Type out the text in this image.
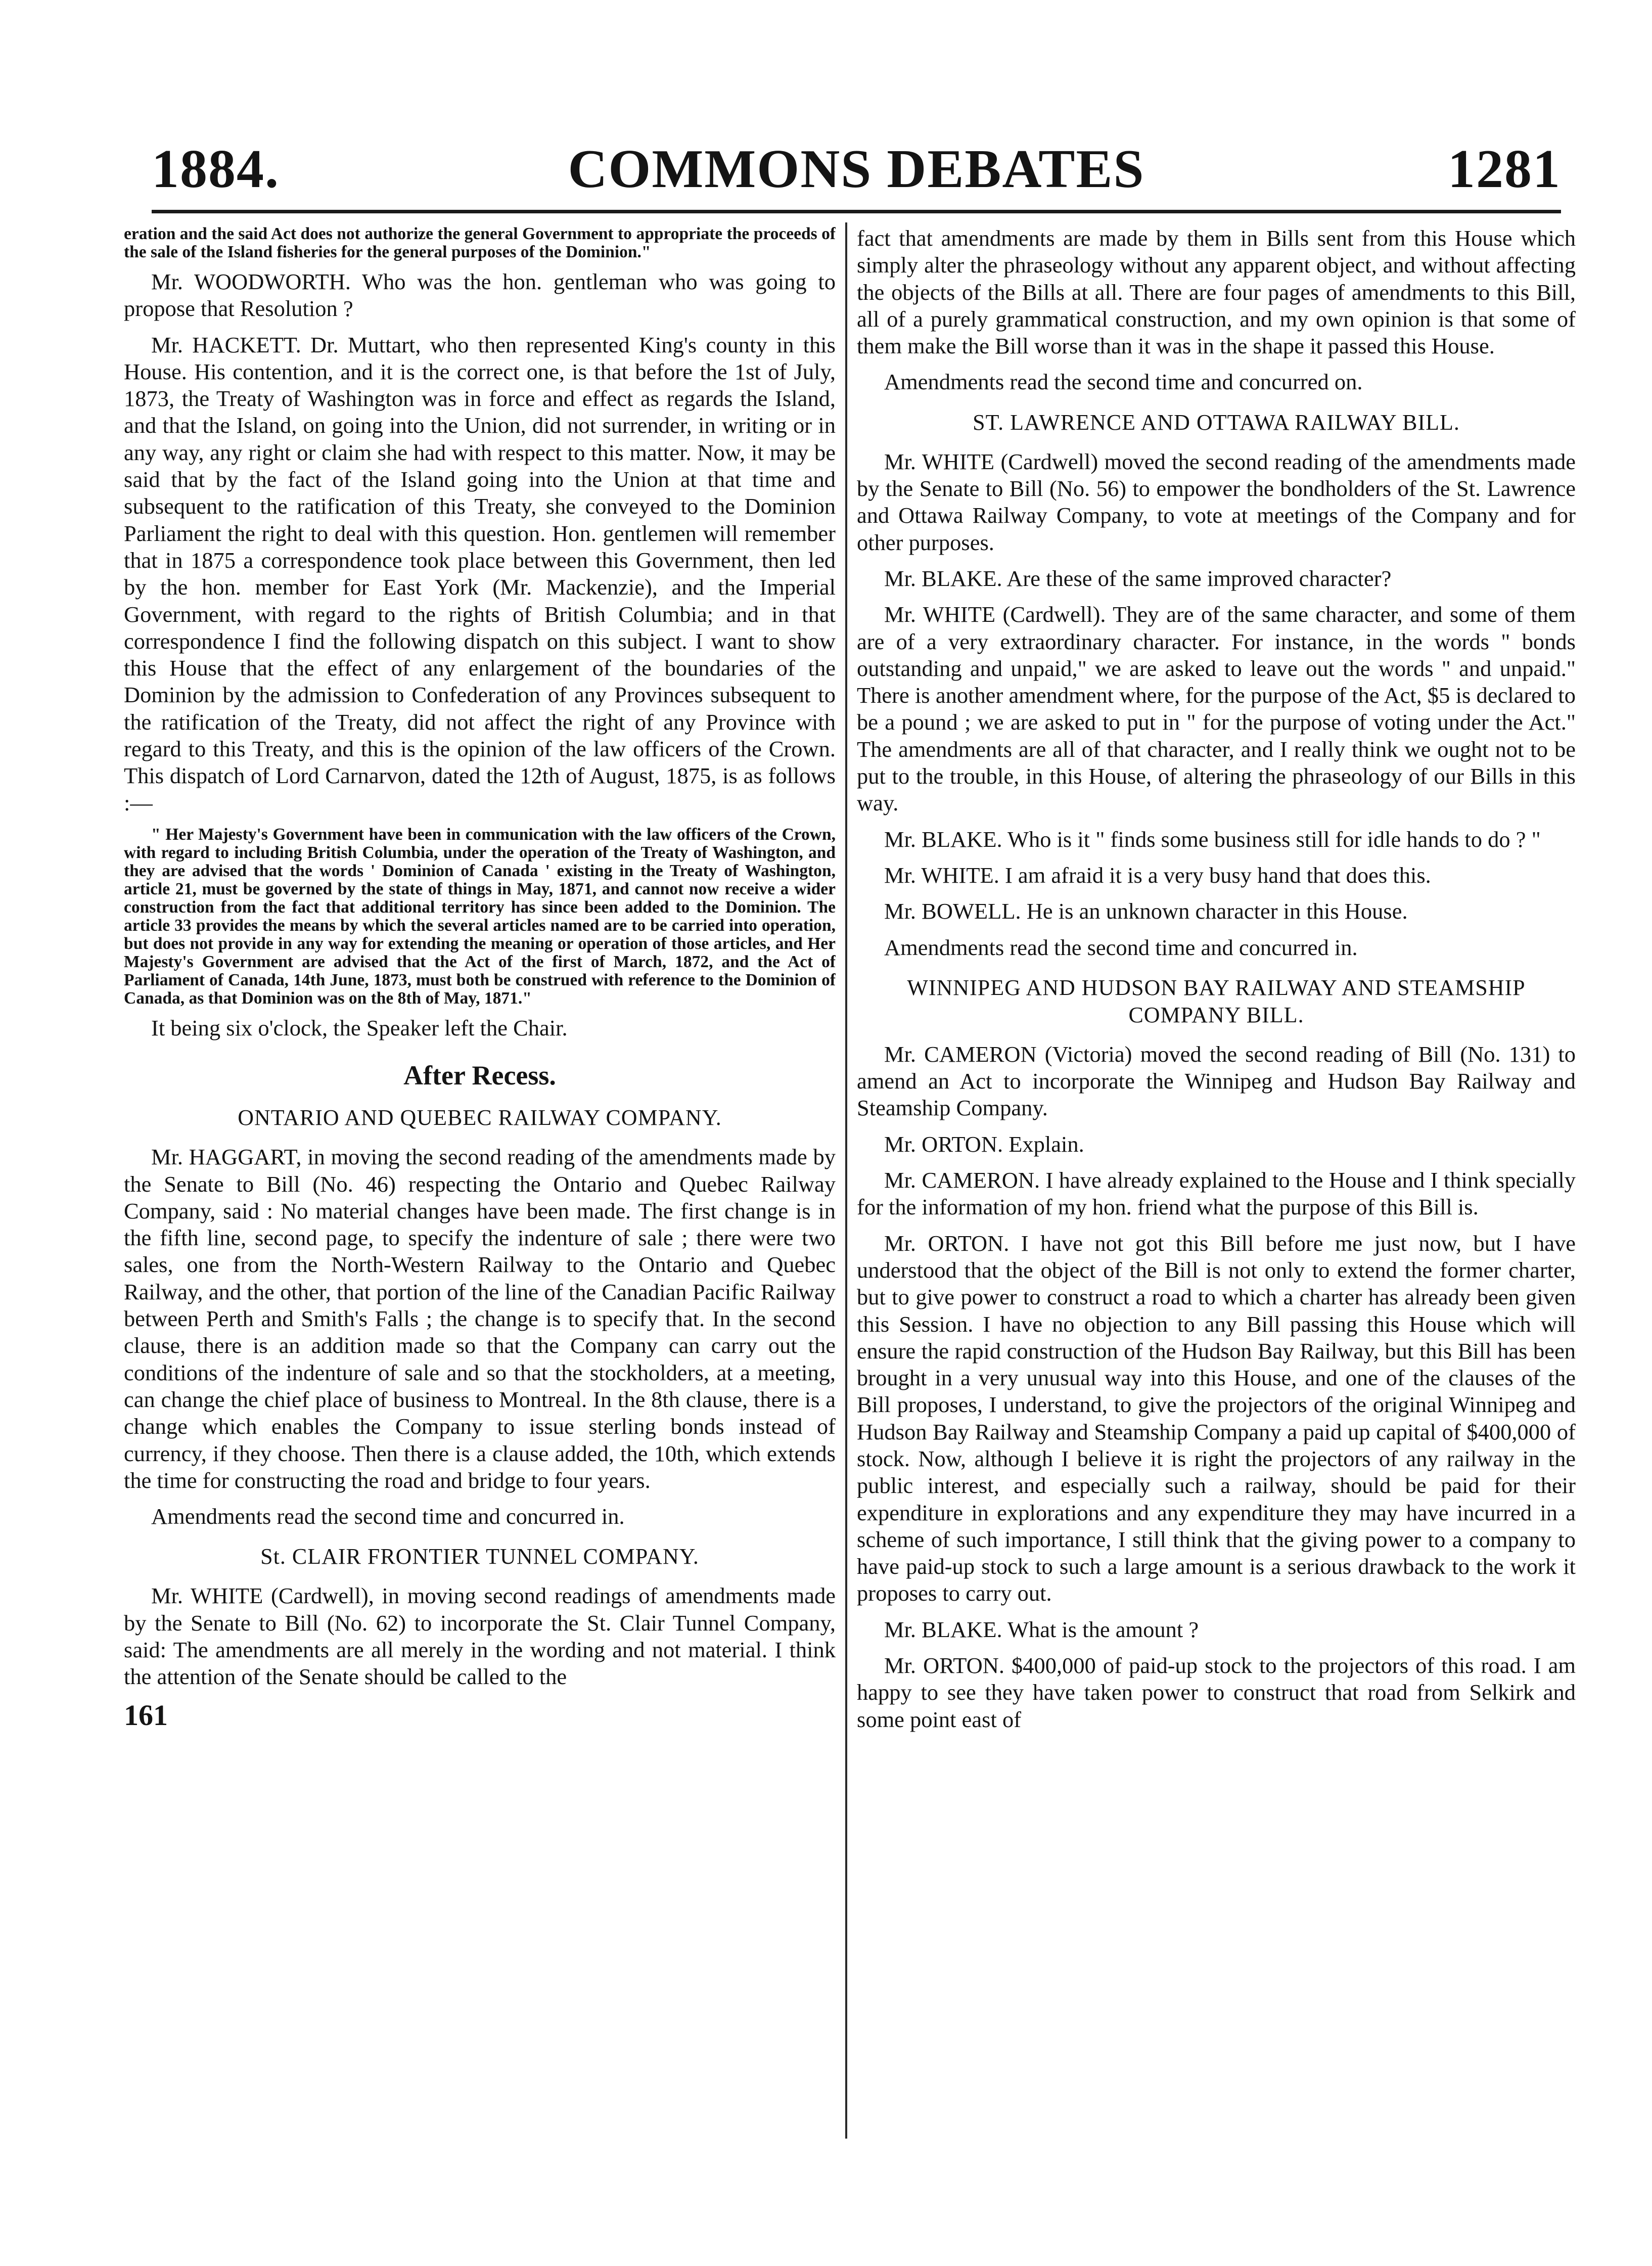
1884.	COMMONS DEBATES	1281

eration and the said Act does not authorize the general Government to appropriate the proceeds of the sale of the Island fisheries for the general purposes of the Dominion."

Mr. WOODWORTH. Who was the hon. gentleman who was going to propose that Resolution ?

Mr. HACKETT. Dr. Muttart, who then represented King's county in this House. His contention, and it is the correct one, is that before the 1st of July, 1873, the Treaty of Washington was in force and effect as regards the Island, and that the Island, on going into the Union, did not surrender, in writing or in any way, any right or claim she had with respect to this matter. Now, it may be said that by the fact of the Island going into the Union at that time and subsequent to the ratification of this Treaty, she conveyed to the Dominion Parliament the right to deal with this question. Hon. gentlemen will remember that in 1875 a correspondence took place between this Government, then led by the hon. member for East York (Mr. Mackenzie), and the Imperial Government, with regard to the rights of British Columbia; and in that correspondence I find the following dispatch on this subject. I want to show this House that the effect of any enlargement of the boundaries of the Dominion by the admission to Confederation of any Provinces subsequent to the ratification of the Treaty, did not affect the right of any Province with regard to this Treaty, and this is the opinion of the law officers of the Crown. This dispatch of Lord Carnarvon, dated the 12th of August, 1875, is as follows :—

" Her Majesty's Government have been in communication with the law officers of the Crown, with regard to including British Columbia, under the operation of the Treaty of Washington, and they are advised that the words ' Dominion of Canada ' existing in the Treaty of Washington, article 21, must be governed by the state of things in May, 1871, and cannot now receive a wider construction from the fact that additional territory has since been added to the Dominion. The article 33 provides the means by which the several articles named are to be carried into operation, but does not provide in any way for extending the meaning or operation of those articles, and Her Majesty's Government are advised that the Act of the first of March, 1872, and the Act of Parliament of Canada, 14th June, 1873, must both be construed with reference to the Dominion of Canada, as that Dominion was on the 8th of May, 1871."

It being six o'clock, the Speaker left the Chair.

After Recess.
ONTARIO AND QUEBEC RAILWAY COMPANY.

Mr. HAGGART, in moving the second reading of the amendments made by the Senate to Bill (No. 46) respecting the Ontario and Quebec Railway Company, said : No material changes have been made. The first change is in the fifth line, second page, to specify the indenture of sale ; there were two sales, one from the North-Western Railway to the Ontario and Quebec Railway, and the other, that portion of the line of the Canadian Pacific Railway between Perth and Smith's Falls ; the change is to specify that. In the second clause, there is an addition made so that the Company can carry out the conditions of the indenture of sale and so that the stockholders, at a meeting, can change the chief place of business to Montreal. In the 8th clause, there is a change which enables the Company to issue sterling bonds instead of currency, if they choose. Then there is a clause added, the 10th, which extends the time for constructing the road and bridge to four years.

Amendments read the second time and concurred in.

St. CLAIR FRONTIER TUNNEL COMPANY.

Mr. WHITE (Cardwell), in moving second readings of amendments made by the Senate to Bill (No. 62) to incorporate the St. Clair Tunnel Company, said: The amendments are all merely in the wording and not material. I think the attention of the Senate should be called to the

161

fact that amendments are made by them in Bills sent from this House which simply alter the phraseology without any apparent object, and without affecting the objects of the Bills at all. There are four pages of amendments to this Bill, all of a purely grammatical construction, and my own opinion is that some of them make the Bill worse than it was in the shape it passed this House.

Amendments read the second time and concurred on.

ST. LAWRENCE AND OTTAWA RAILWAY BILL.

Mr. WHITE (Cardwell) moved the second reading of the amendments made by the Senate to Bill (No. 56) to empower the bondholders of the St. Lawrence and Ottawa Railway Company, to vote at meetings of the Company and for other purposes.

Mr. BLAKE. Are these of the same improved character?

Mr. WHITE (Cardwell). They are of the same character, and some of them are of a very extraordinary character. For instance, in the words " bonds outstanding and unpaid," we are asked to leave out the words " and unpaid." There is another amendment where, for the purpose of the Act, $5 is declared to be a pound ; we are asked to put in " for the purpose of voting under the Act." The amendments are all of that character, and I really think we ought not to be put to the trouble, in this House, of altering the phraseology of our Bills in this way.

Mr. BLAKE. Who is it " finds some business still for idle hands to do ? "

Mr. WHITE. I am afraid it is a very busy hand that does this.

Mr. BOWELL. He is an unknown character in this House.

Amendments read the second time and concurred in.

WINNIPEG AND HUDSON BAY RAILWAY AND STEAMSHIP COMPANY BILL.

Mr. CAMERON (Victoria) moved the second reading of Bill (No. 131) to amend an Act to incorporate the Winnipeg and Hudson Bay Railway and Steamship Company.

Mr. ORTON. Explain.

Mr. CAMERON. I have already explained to the House and I think specially for the information of my hon. friend what the purpose of this Bill is.

Mr. ORTON. I have not got this Bill before me just now, but I have understood that the object of the Bill is not only to extend the former charter, but to give power to construct a road to which a charter has already been given this Session. I have no objection to any Bill passing this House which will ensure the rapid construction of the Hudson Bay Railway, but this Bill has been brought in a very unusual way into this House, and one of the clauses of the Bill proposes, I understand, to give the projectors of the original Winnipeg and Hudson Bay Railway and Steamship Company a paid up capital of $400,000 of stock. Now, although I believe it is right the projectors of any railway in the public interest, and especially such a railway, should be paid for their expenditure in explorations and any expenditure they may have incurred in a scheme of such importance, I still think that the giving power to a company to have paid-up stock to such a large amount is a serious drawback to the work it proposes to carry out.

Mr. BLAKE. What is the amount ?

Mr. ORTON. $400,000 of paid-up stock to the projectors of this road. I am happy to see they have taken power to construct that road from Selkirk and some point east of
